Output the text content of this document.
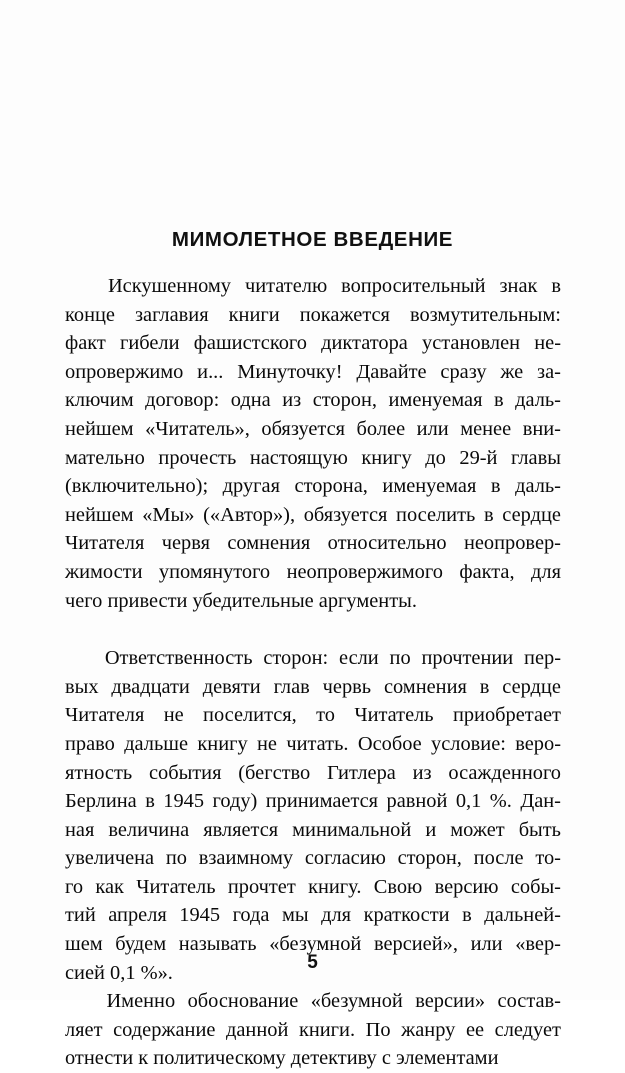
МИМОЛЕТНОЕ ВВЕДЕНИЕ

Искушенному читателю вопросительный знак в
конце заглавия книги покажется возмутительным:
факт гибели фашистского диктатора установлен не-
опровержимо и... Минуточку! Давайте сразу же за-
ключим договор: одна из сторон, именуемая в даль-
нейшем «Читатель», обязуется более или менее вни-
мательно прочесть настоящую книгу до 29-й главы
(включительно); другая сторона, именуемая в даль-
нейшем «Мы» («Автор»), обязуется поселить в сердце
Читателя червя сомнения относительно неопровер-
жимости упомянутого неопровержимого факта, для
чего привести убедительные аргументы.

Ответственность сторон: если по прочтении пер-
вых двадцати девяти глав червь сомнения в сердце
Читателя не поселится, то Читатель приобретает
право дальше книгу не читать. Особое условие: веро-
ятность события (бегство Гитлера из осажденного
Берлина в 1945 году) принимается равной 0,1 %. Дан-
ная величина является минимальной и может быть
увеличена по взаимному согласию сторон, после то-
го как Читатель прочтет книгу. Свою версию собы-
тий апреля 1945 года мы для краткости в дальней-
шем будем называть «безумной версией», или «вер-
сией 0,1 %».

Именно обоснование «безумной версии» состав-
ляет содержание данной книги. По жанру ее следует
отнести к политическому детективу с элементами

5
